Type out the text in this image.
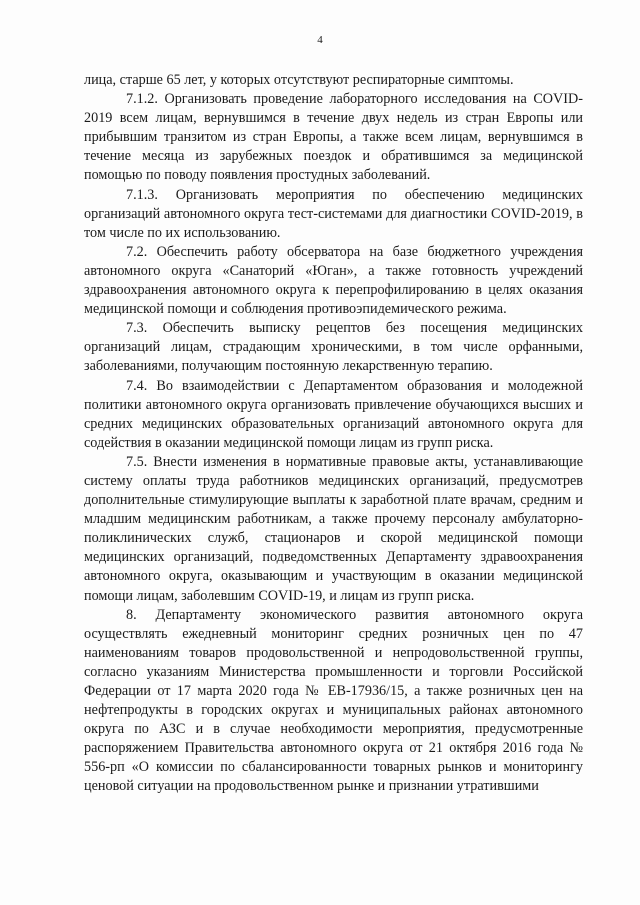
4

лица, старше 65 лет, у которых отсутствуют респираторные симптомы.

7.1.2. Организовать проведение лабораторного исследования на COVID-2019 всем лицам, вернувшимся в течение двух недель из стран Европы или прибывшим транзитом из стран Европы, а также всем лицам, вернувшимся в течение месяца из зарубежных поездок и обратившимся за медицинской помощью по поводу появления простудных заболеваний.

7.1.3. Организовать мероприятия по обеспечению медицинских организаций автономного округа тест-системами для диагностики COVID-2019, в том числе по их использованию.

7.2. Обеспечить работу обсерватора на базе бюджетного учреждения автономного округа «Санаторий «Юган», а также готовность учреждений здравоохранения автономного округа к перепрофилированию в целях оказания медицинской помощи и соблюдения противоэпидемического режима.

7.3. Обеспечить выписку рецептов без посещения медицинских организаций лицам, страдающим хроническими, в том числе орфанными, заболеваниями, получающим постоянную лекарственную терапию.

7.4. Во взаимодействии с Департаментом образования и молодежной политики автономного округа организовать привлечение обучающихся высших и средних медицинских образовательных организаций автономного округа для содействия в оказании медицинской помощи лицам из групп риска.

7.5. Внести изменения в нормативные правовые акты, устанавливающие систему оплаты труда работников медицинских организаций, предусмотрев дополнительные стимулирующие выплаты к заработной плате врачам, средним и младшим медицинским работникам, а также прочему персоналу амбулаторно-поликлинических служб, стационаров и скорой медицинской помощи медицинских организаций, подведомственных Департаменту здравоохранения автономного округа, оказывающим и участвующим в оказании медицинской помощи лицам, заболевшим COVID-19, и лицам из групп риска.

8. Департаменту экономического развития автономного округа осуществлять ежедневный мониторинг средних розничных цен по 47 наименованиям товаров продовольственной и непродовольственной группы, согласно указаниям Министерства промышленности и торговли Российской Федерации от 17 марта 2020 года № ЕВ-17936/15, а также розничных цен на нефтепродукты в городских округах и муниципальных районах автономного округа по АЗС и в случае необходимости мероприятия, предусмотренные распоряжением Правительства автономного округа от 21 октября 2016 года № 556-рп «О комиссии по сбалансированности товарных рынков и мониторингу ценовой ситуации на продовольственном рынке и признании утратившими
